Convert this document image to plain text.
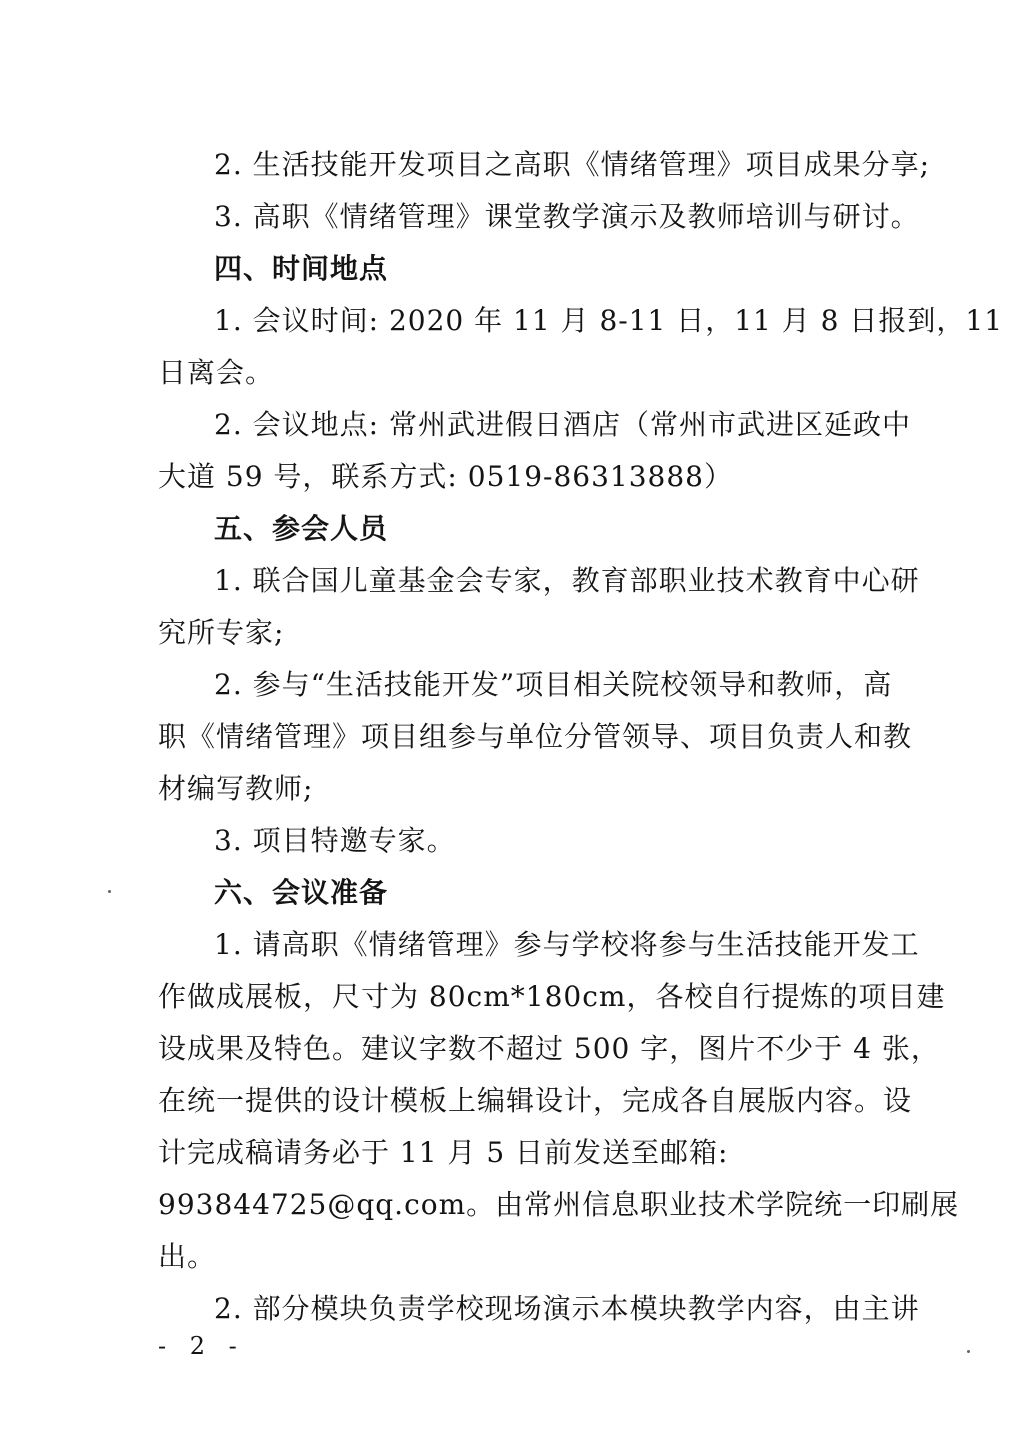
2. 生活技能开发项目之高职《情绪管理》项目成果分享;
3. 高职《情绪管理》课堂教学演示及教师培训与研讨。
四、时间地点
1. 会议时间: 2020 年 11 月 8-11 日，11 月 8 日报到，11
日离会。
2. 会议地点: 常州武进假日酒店（常州市武进区延政中
大道 59 号，联系方式: 0519-86313888）
五、参会人员
1. 联合国儿童基金会专家，教育部职业技术教育中心研
究所专家;
2. 参与“生活技能开发”项目相关院校领导和教师，高
职《情绪管理》项目组参与单位分管领导、项目负责人和教
材编写教师;
3. 项目特邀专家。
六、会议准备
1. 请高职《情绪管理》参与学校将参与生活技能开发工
作做成展板，尺寸为 80cm*180cm，各校自行提炼的项目建
设成果及特色。建议字数不超过 500 字，图片不少于 4 张，
在统一提供的设计模板上编辑设计，完成各自展版内容。设
计完成稿请务必于 11 月 5 日前发送至邮箱:
993844725@qq.com。由常州信息职业技术学院统一印刷展
出。
2. 部分模块负责学校现场演示本模块教学内容，由主讲
- 2 -
